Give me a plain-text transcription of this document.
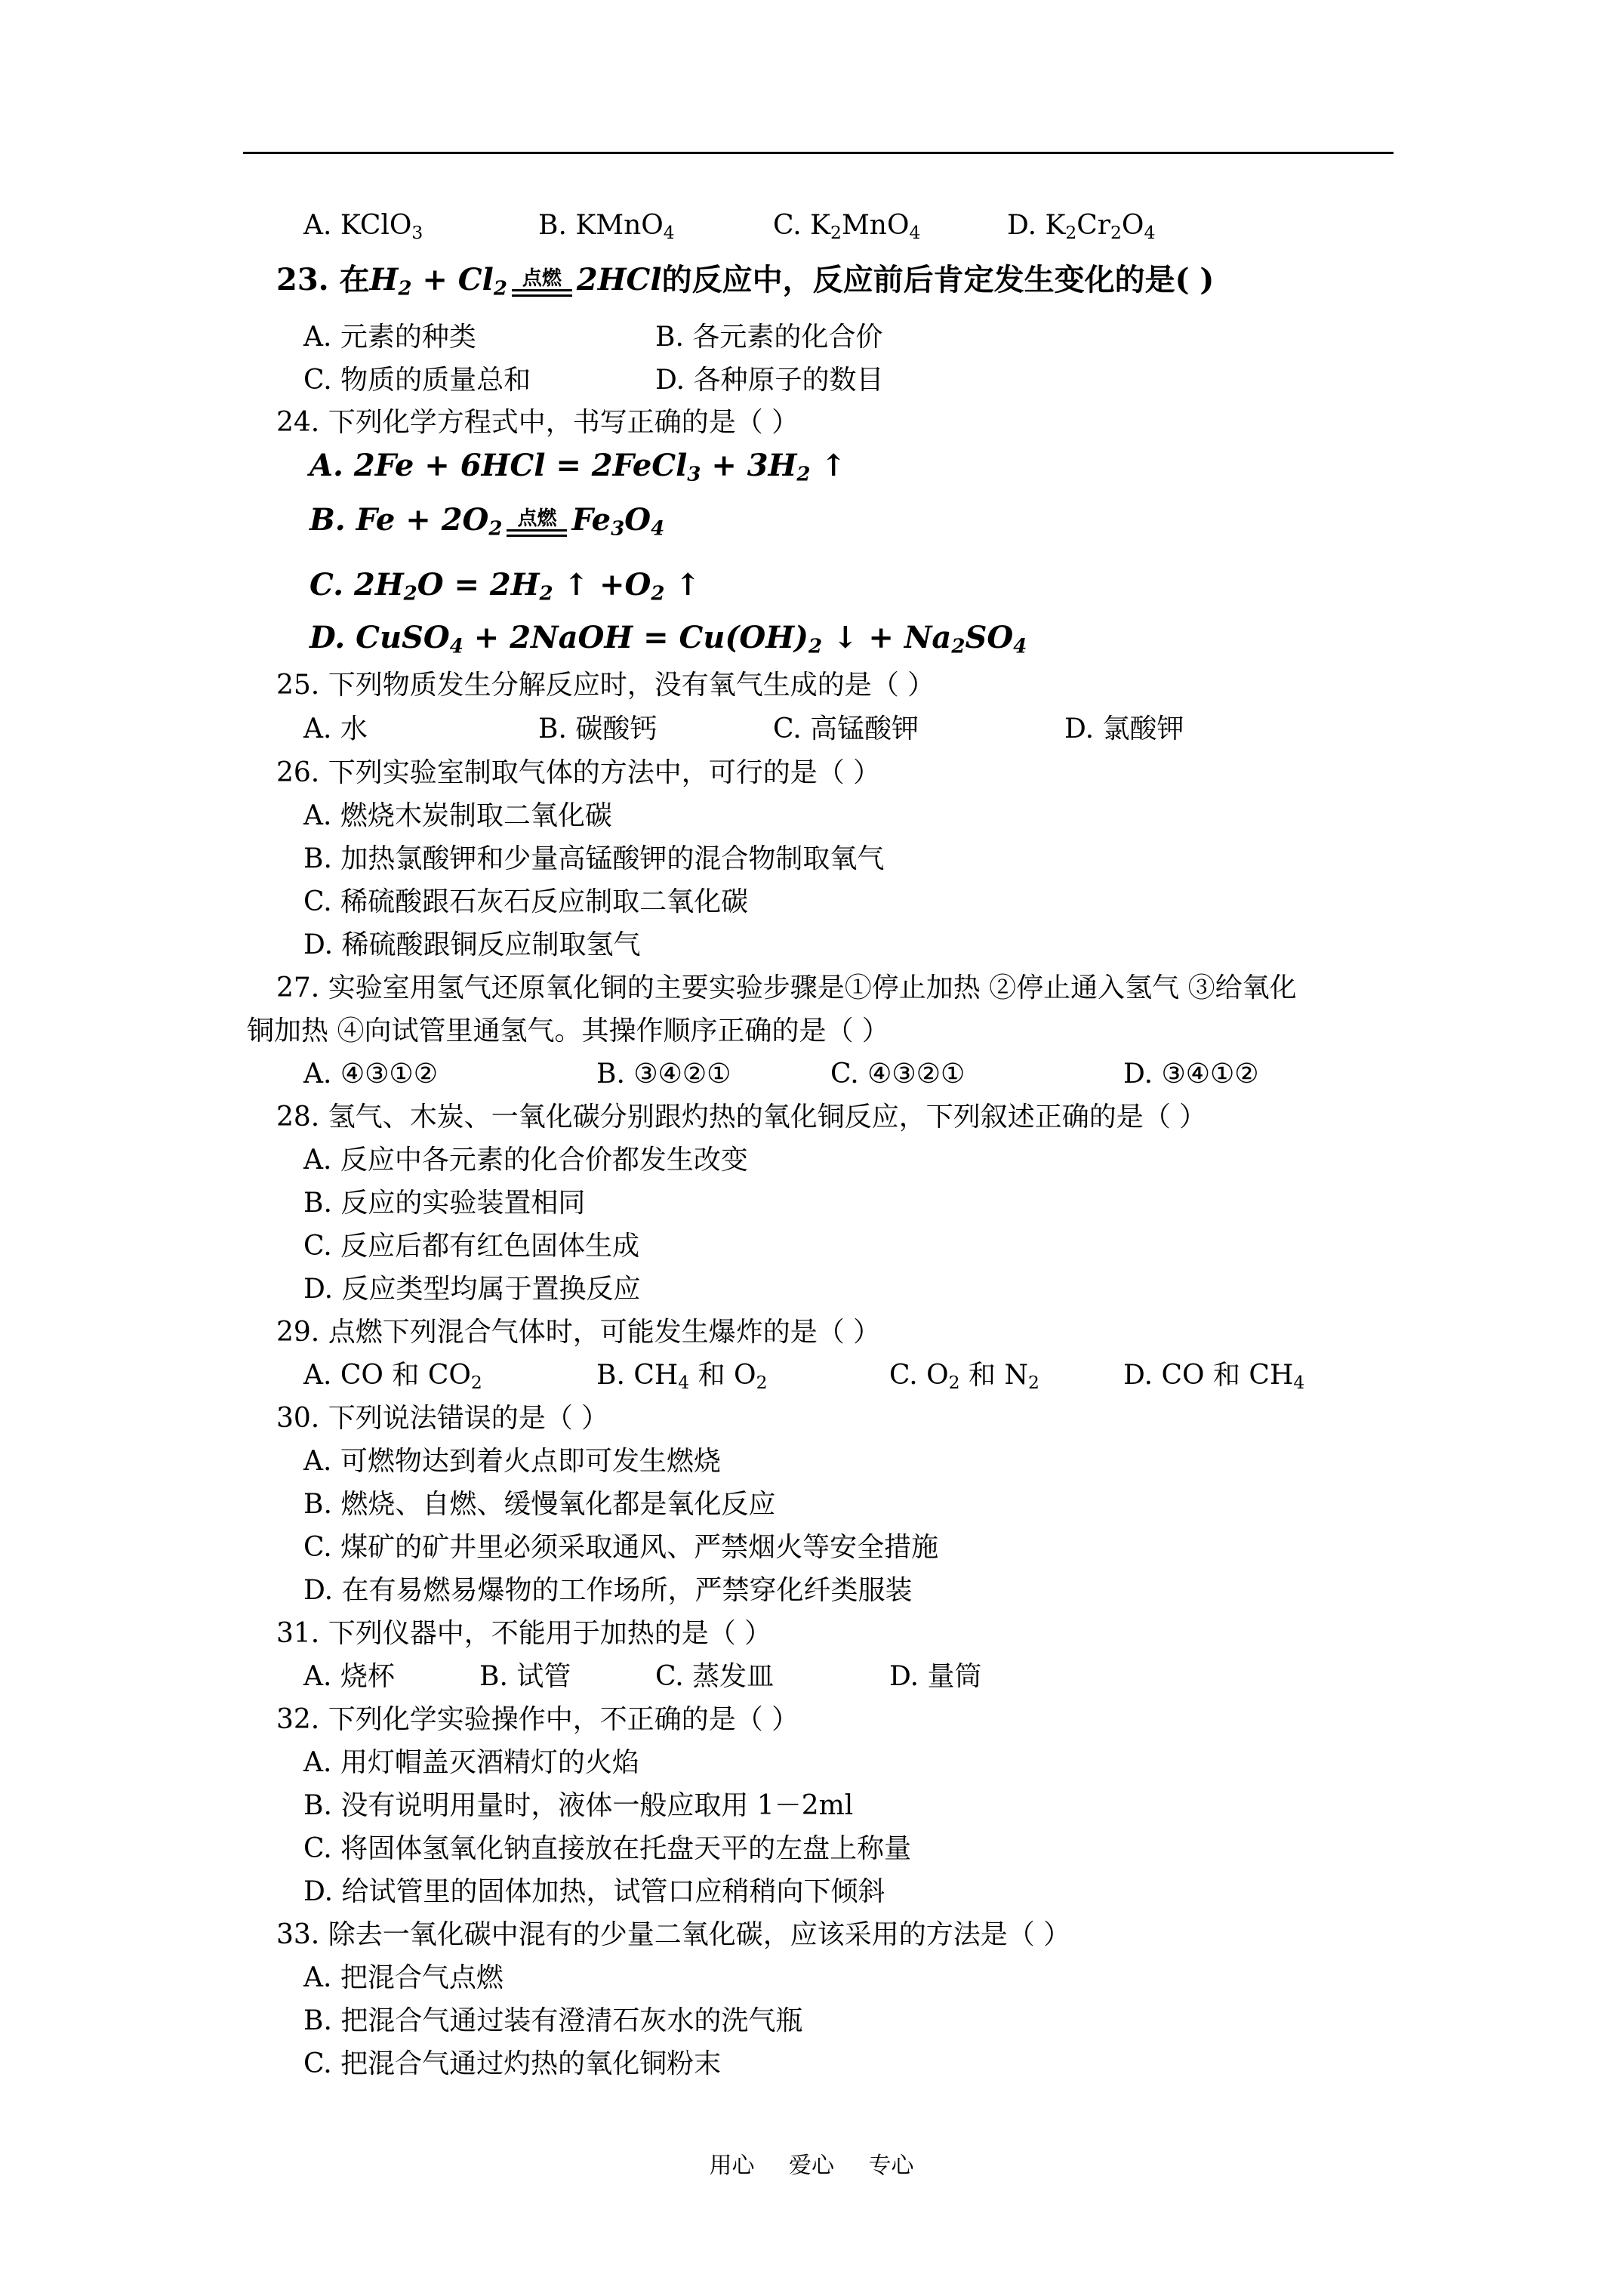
A. KClO$_3$	B. KMnO$_4$	C. $K_2MnO_4$	D. $K_2Cr_2O_4$
23. 在$H_2 + Cl_2$ 点燃 2HCl的反应中，反应前后肯定发生变化的是( )
A. 元素的种类	B. 各元素的化合价
C. 物质的质量总和	D. 各种原子的数目
24. 下列化学方程式中，书写正确的是（ ）
A. 2Fe + 6HCl = 2FeCl$_3$ + $3H_2$ ↑
B. $Fe + 2O_2$ 点燃 $Fe_3O_4$
C. $2H_2O = 2H_2$ ↑ $+O_2$ ↑
D. CuSO$_4$ + 2NaOH = $Cu(OH)_2$ ↓ + $Na_2SO_4$
25. 下列物质发生分解反应时，没有氧气生成的是（ ）
A. 水	B. 碳酸钙	C. 高锰酸钾	D. 氯酸钾
26. 下列实验室制取气体的方法中，可行的是（ ）
A. 燃烧木炭制取二氧化碳
B. 加热氯酸钾和少量高锰酸钾的混合物制取氧气
C. 稀硫酸跟石灰石反应制取二氧化碳
D. 稀硫酸跟铜反应制取氢气
27. 实验室用氢气还原氧化铜的主要实验步骤是①停止加热 ②停止通入氢气 ③给氧化
铜加热 ④向试管里通氢气。其操作顺序正确的是（ ）
A. ④③①②	B. ③④②①	C. ④③②①	D. ③④①②
28. 氢气、木炭、一氧化碳分别跟灼热的氧化铜反应，下列叙述正确的是（ ）
A. 反应中各元素的化合价都发生改变
B. 反应的实验装置相同
C. 反应后都有红色固体生成
D. 反应类型均属于置换反应
29. 点燃下列混合气体时，可能发生爆炸的是（ ）
A. CO 和 $CO_2$	B. $CH_4$ 和 $O_2$	C. $O_2$ 和 $N_2$	D. CO 和 $CH_4$
30. 下列说法错误的是（ ）
A. 可燃物达到着火点即可发生燃烧
B. 燃烧、自燃、缓慢氧化都是氧化反应
C. 煤矿的矿井里必须采取通风、严禁烟火等安全措施
D. 在有易燃易爆物的工作场所，严禁穿化纤类服装
31. 下列仪器中，不能用于加热的是（ ）
A. 烧杯	B. 试管	C. 蒸发皿	D. 量筒
32. 下列化学实验操作中，不正确的是（ ）
A. 用灯帽盖灭酒精灯的火焰
B. 没有说明用量时，液体一般应取用 1－2ml
C. 将固体氢氧化钠直接放在托盘天平的左盘上称量
D. 给试管里的固体加热，试管口应稍稍向下倾斜
33. 除去一氧化碳中混有的少量二氧化碳，应该采用的方法是（ ）
A. 把混合气点燃
B. 把混合气通过装有澄清石灰水的洗气瓶
C. 把混合气通过灼热的氧化铜粉末
用心 爱心 专心
